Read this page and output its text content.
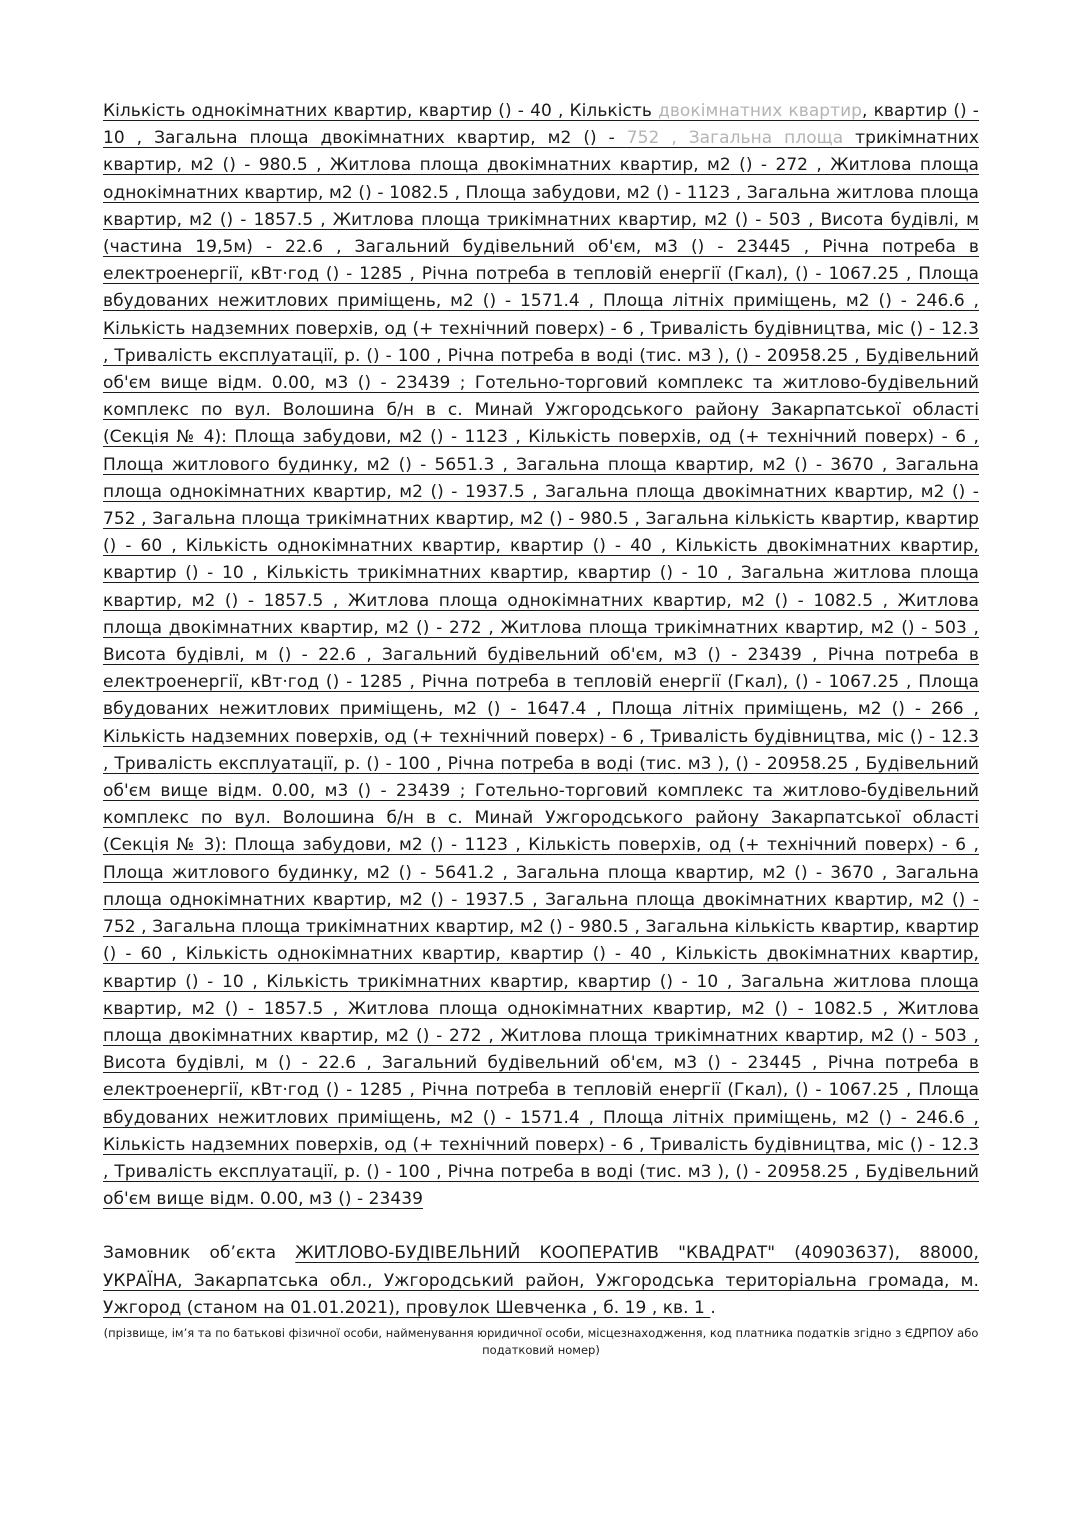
Кількість однокімнатних квартир, квартир () - 40 , Кількість двокімнатних квартир, квартир () - 10 , Загальна площа двокімнатних квартир, м2 () - 752 , Загальна площа трикімнатних квартир, м2 () - 980.5 , Житлова площа двокімнатних квартир, м2 () - 272 , Житлова площа однокімнатних квартир, м2 () - 1082.5 , Площа забудови, м2 () - 1123 , Загальна житлова площа квартир, м2 () - 1857.5 , Житлова площа трикімнатних квартир, м2 () - 503 , Висота будівлі, м (частина 19,5м) - 22.6 , Загальний будівельний об'єм, м3 () - 23445 , Річна потреба в електроенергії, кВт·год () - 1285 , Річна потреба в тепловій енергії (Гкал), () - 1067.25 , Площа вбудованих нежитлових приміщень, м2 () - 1571.4 , Площа літніх приміщень, м2 () - 246.6 , Кількість надземних поверхів, од (+ технічний поверх) - 6 , Тривалість будівництва, міс () - 12.3 , Тривалість експлуатації, р. () - 100 , Річна потреба в воді (тис. м3 ), () - 20958.25 , Будівельний об'єм вище відм. 0.00, м3 () - 23439 ; Готельно-торговий комплекс та житлово-будівельний комплекс по вул. Волошина б/н в с. Минай Ужгородського району Закарпатської області (Секція № 4): Площа забудови, м2 () - 1123 , Кількість поверхів, од (+ технічний поверх) - 6 , Площа житлового будинку, м2 () - 5651.3 , Загальна площа квартир, м2 () - 3670 , Загальна площа однокімнатних квартир, м2 () - 1937.5 , Загальна площа двокімнатних квартир, м2 () - 752 , Загальна площа трикімнатних квартир, м2 () - 980.5 , Загальна кількість квартир, квартир () - 60 , Кількість однокімнатних квартир, квартир () - 40 , Кількість двокімнатних квартир, квартир () - 10 , Кількість трикімнатних квартир, квартир () - 10 , Загальна житлова площа квартир, м2 () - 1857.5 , Житлова площа однокімнатних квартир, м2 () - 1082.5 , Житлова площа двокімнатних квартир, м2 () - 272 , Житлова площа трикімнатних квартир, м2 () - 503 , Висота будівлі, м () - 22.6 , Загальний будівельний об'єм, м3 () - 23439 , Річна потреба в електроенергії, кВт·год () - 1285 , Річна потреба в тепловій енергії (Гкал), () - 1067.25 , Площа вбудованих нежитлових приміщень, м2 () - 1647.4 , Площа літніх приміщень, м2 () - 266 , Кількість надземних поверхів, од (+ технічний поверх) - 6 , Тривалість будівництва, міс () - 12.3 , Тривалість експлуатації, р. () - 100 , Річна потреба в воді (тис. м3 ), () - 20958.25 , Будівельний об'єм вище відм. 0.00, м3 () - 23439 ; Готельно-торговий комплекс та житлово-будівельний комплекс по вул. Волошина б/н в с. Минай Ужгородського району Закарпатської області (Секція № 3): Площа забудови, м2 () - 1123 , Кількість поверхів, од (+ технічний поверх) - 6 , Площа житлового будинку, м2 () - 5641.2 , Загальна площа квартир, м2 () - 3670 , Загальна площа однокімнатних квартир, м2 () - 1937.5 , Загальна площа двокімнатних квартир, м2 () - 752 , Загальна площа трикімнатних квартир, м2 () - 980.5 , Загальна кількість квартир, квартир () - 60 , Кількість однокімнатних квартир, квартир () - 40 , Кількість двокімнатних квартир, квартир () - 10 , Кількість трикімнатних квартир, квартир () - 10 , Загальна житлова площа квартир, м2 () - 1857.5 , Житлова площа однокімнатних квартир, м2 () - 1082.5 , Житлова площа двокімнатних квартир, м2 () - 272 , Житлова площа трикімнатних квартир, м2 () - 503 , Висота будівлі, м () - 22.6 , Загальний будівельний об'єм, м3 () - 23445 , Річна потреба в електроенергії, кВт·год () - 1285 , Річна потреба в тепловій енергії (Гкал), () - 1067.25 , Площа вбудованих нежитлових приміщень, м2 () - 1571.4 , Площа літніх приміщень, м2 () - 246.6 , Кількість надземних поверхів, од (+ технічний поверх) - 6 , Тривалість будівництва, міс () - 12.3 , Тривалість експлуатації, р. () - 100 , Річна потреба в воді (тис. м3 ), () - 20958.25 , Будівельний об'єм вище відм. 0.00, м3 () - 23439

Замовник об’єкта ЖИТЛОВО-БУДІВЕЛЬНИЙ КООПЕРАТИВ "КВАДРАТ" (40903637), 88000, УКРАЇНА, Закарпатська обл., Ужгородський район, Ужгородська територіальна громада, м. Ужгород (станом на 01.01.2021), провулок Шевченка , б. 19 , кв. 1 .

(прізвище, ім’я та по батькові фізичної особи, найменування юридичної особи, місцезнаходження, код платника податків згідно з ЄДРПОУ або податковий номер)
